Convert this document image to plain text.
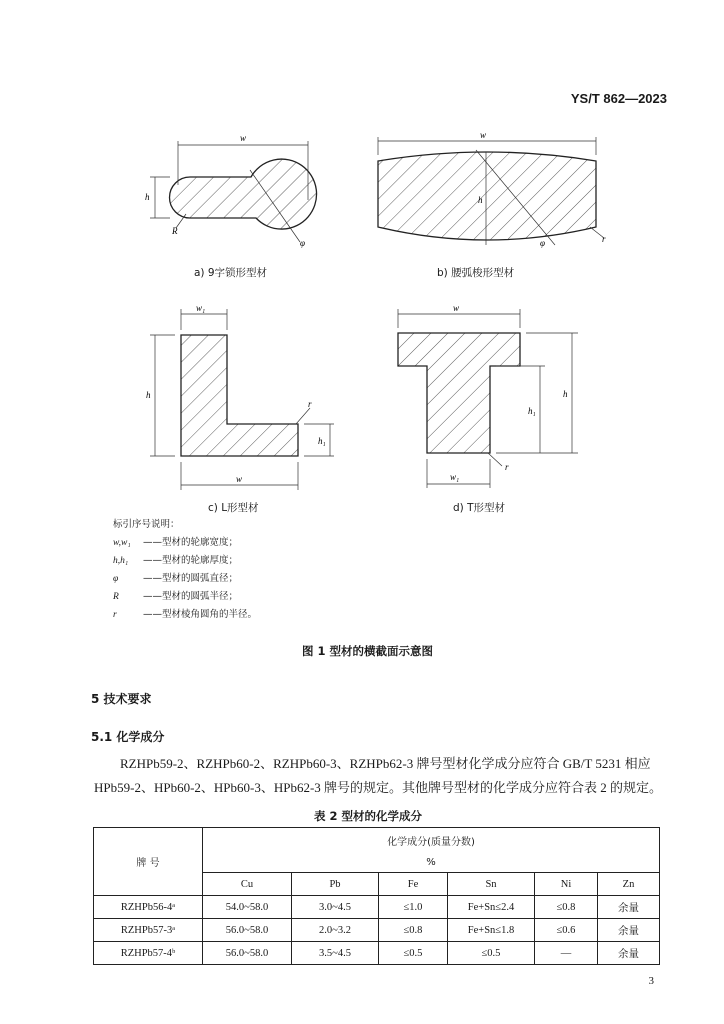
YS/T 862—2023
w
h
R
φ
w
h
φ	r
w₁
h
h₁
w
r
w
h
h₁
w₁
r
a) 9字锁形型材	b) 腰弧梭形型材
c) L形型材	d) T形型材
标引序号说明：
w,w₁ ——型材的轮廓宽度；
h,h₁ ——型材的轮廓厚度；
φ	——型材的圆弧直径；
R	——型材的圆弧半径；
r	——型材棱角圆角的半径。
图 1 型材的横截面示意图
5 技术要求
5.1 化学成分
RZHPb59-2、RZHPb60-2、RZHPb60-3、RZHPb62-3 牌号型材化学成分应符合 GB/T 5231 相应
HPb59-2、HPb60-2、HPb60-3、HPb62-3 牌号的规定。其他牌号型材的化学成分应符合表 2 的规定。
表 2 型材的化学成分
牌 号	化学成分(质量分数)					
	%					
	Cu	Pb	Fe	Sn	Ni	Zn
RZHPb56-4ᵃ	54.0~58.0	3.0~4.5	≤1.0	Fe+Sn≤2.4	≤0.8	余量
RZHPb57-3ᵃ	56.0~58.0	2.0~3.2	≤0.8	Fe+Sn≤1.8	≤0.6	余量
RZHPb57-4ᵇ	56.0~58.0	3.5~4.5	≤0.5	≤0.5	—	余量
3
